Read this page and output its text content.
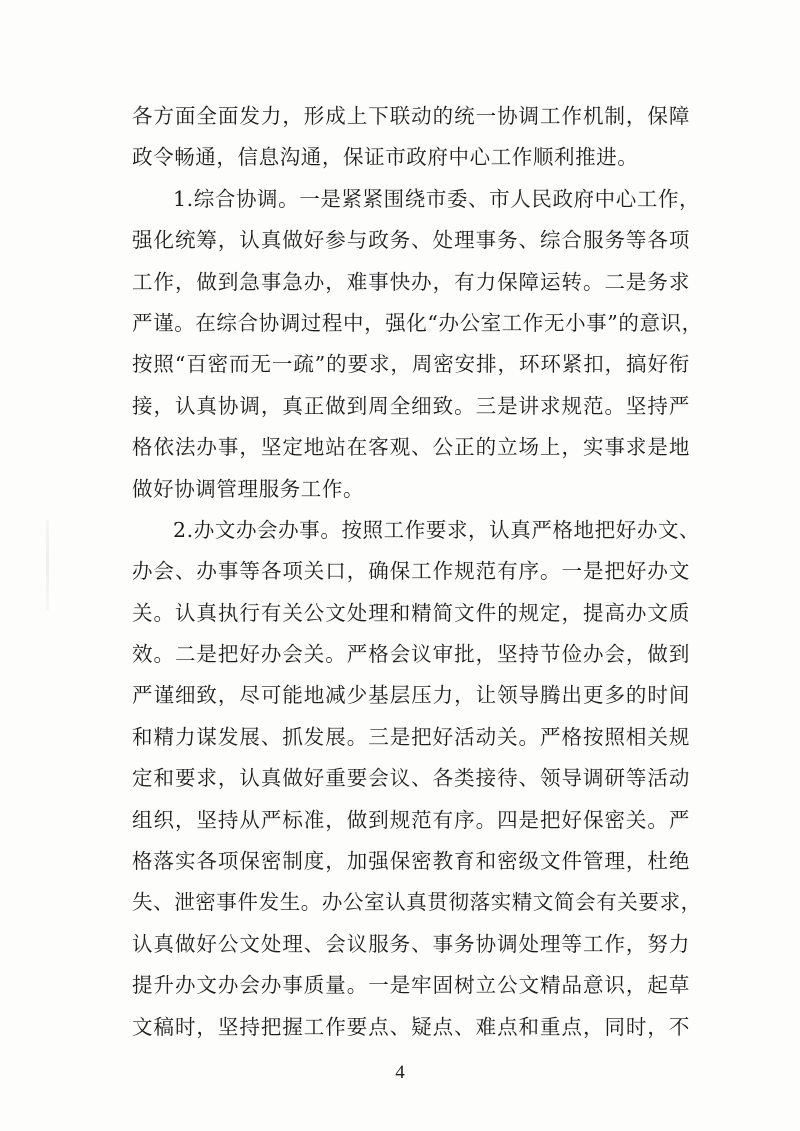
各方面全面发力，形成上下联动的统一协调工作机制，保障
政令畅通，信息沟通，保证市政府中心工作顺利推进。
1.综合协调。一是紧紧围绕市委、市人民政府中心工作，
强化统筹，认真做好参与政务、处理事务、综合服务等各项
工作，做到急事急办，难事快办，有力保障运转。二是务求
严谨。在综合协调过程中，强化“办公室工作无小事”的意识，
按照“百密而无一疏”的要求，周密安排，环环紧扣，搞好衔
接，认真协调，真正做到周全细致。三是讲求规范。坚持严
格依法办事，坚定地站在客观、公正的立场上，实事求是地
做好协调管理服务工作。
2.办文办会办事。按照工作要求，认真严格地把好办文、
办会、办事等各项关口，确保工作规范有序。一是把好办文
关。认真执行有关公文处理和精简文件的规定，提高办文质
效。二是把好办会关。严格会议审批，坚持节俭办会，做到
严谨细致，尽可能地减少基层压力，让领导腾出更多的时间
和精力谋发展、抓发展。三是把好活动关。严格按照相关规
定和要求，认真做好重要会议、各类接待、领导调研等活动
组织，坚持从严标准，做到规范有序。四是把好保密关。严
格落实各项保密制度，加强保密教育和密级文件管理，杜绝
失、泄密事件发生。办公室认真贯彻落实精文简会有关要求，
认真做好公文处理、会议服务、事务协调处理等工作，努力
提升办文办会办事质量。一是牢固树立公文精品意识，起草
文稿时，坚持把握工作要点、疑点、难点和重点，同时，不
4
